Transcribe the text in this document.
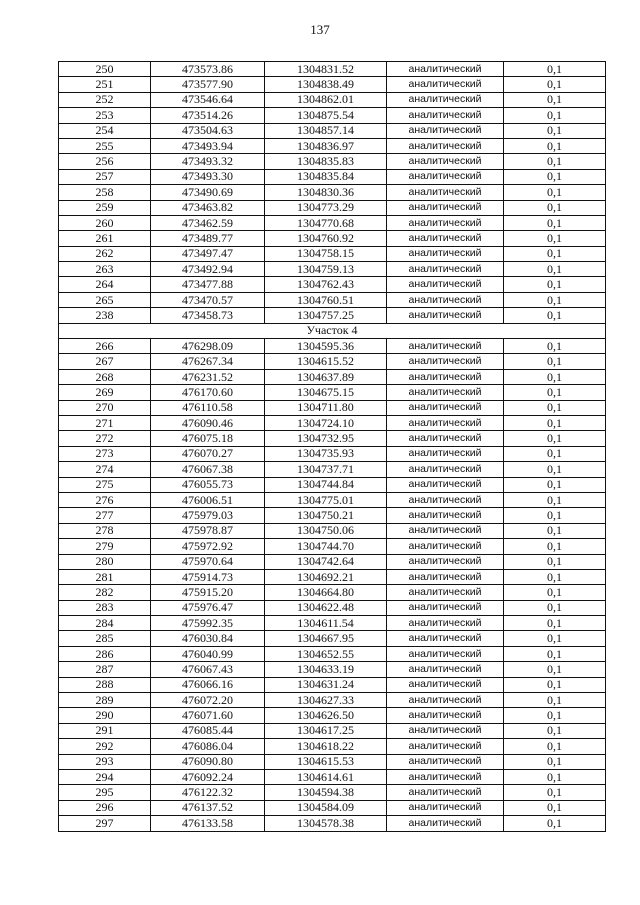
137
250	473573.86	1304831.52	аналитический	0,1
251	473577.90	1304838.49	аналитический	0,1
252	473546.64	1304862.01	аналитический	0,1
253	473514.26	1304875.54	аналитический	0,1
254	473504.63	1304857.14	аналитический	0,1
255	473493.94	1304836.97	аналитический	0,1
256	473493.32	1304835.83	аналитический	0,1
257	473493.30	1304835.84	аналитический	0,1
258	473490.69	1304830.36	аналитический	0,1
259	473463.82	1304773.29	аналитический	0,1
260	473462.59	1304770.68	аналитический	0,1
261	473489.77	1304760.92	аналитический	0,1
262	473497.47	1304758.15	аналитический	0,1
263	473492.94	1304759.13	аналитический	0,1
264	473477.88	1304762.43	аналитический	0,1
265	473470.57	1304760.51	аналитический	0,1
238	473458.73	1304757.25	аналитический	0,1
Участок 4				
266	476298.09	1304595.36	аналитический	0,1
267	476267.34	1304615.52	аналитический	0,1
268	476231.52	1304637.89	аналитический	0,1
269	476170.60	1304675.15	аналитический	0,1
270	476110.58	1304711.80	аналитический	0,1
271	476090.46	1304724.10	аналитический	0,1
272	476075.18	1304732.95	аналитический	0,1
273	476070.27	1304735.93	аналитический	0,1
274	476067.38	1304737.71	аналитический	0,1
275	476055.73	1304744.84	аналитический	0,1
276	476006.51	1304775.01	аналитический	0,1
277	475979.03	1304750.21	аналитический	0,1
278	475978.87	1304750.06	аналитический	0,1
279	475972.92	1304744.70	аналитический	0,1
280	475970.64	1304742.64	аналитический	0,1
281	475914.73	1304692.21	аналитический	0,1
282	475915.20	1304664.80	аналитический	0,1
283	475976.47	1304622.48	аналитический	0,1
284	475992.35	1304611.54	аналитический	0,1
285	476030.84	1304667.95	аналитический	0,1
286	476040.99	1304652.55	аналитический	0,1
287	476067.43	1304633.19	аналитический	0,1
288	476066.16	1304631.24	аналитический	0,1
289	476072.20	1304627.33	аналитический	0,1
290	476071.60	1304626.50	аналитический	0,1
291	476085.44	1304617.25	аналитический	0,1
292	476086.04	1304618.22	аналитический	0,1
293	476090.80	1304615.53	аналитический	0,1
294	476092.24	1304614.61	аналитический	0,1
295	476122.32	1304594.38	аналитический	0,1
296	476137.52	1304584.09	аналитический	0,1
297	476133.58	1304578.38	аналитический	0,1
